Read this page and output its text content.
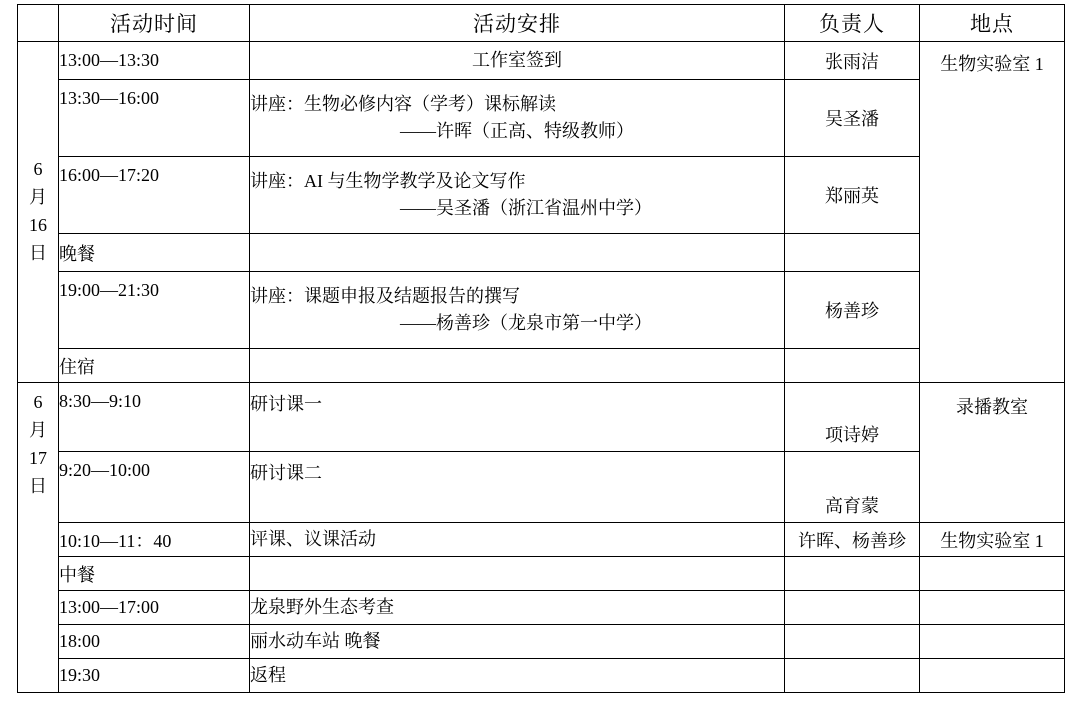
	活动时间	活动安排	负责人	地点

6
月
16
日	13:00—13:30	工作室签到	张雨洁	生物实验室 1
	13:30—16:00	讲座：生物必修内容（学考）课标解读
——许晖（正高、特级教师）	吴圣潘	
	16:00—17:20	讲座：AI 与生物学教学及论文写作
——吴圣潘（浙江省温州中学）	郑丽英	
	晚餐			
	19:00—21:30	讲座：课题申报及结题报告的撰写
——杨善珍（龙泉市第一中学）	杨善珍	
	住宿			

6
月
17
日	8:30—9:10	研讨课一	项诗婷	录播教室
	9:20—10:00	研讨课二	高育蒙	
	10:10—11：40	评课、议课活动	许晖、杨善珍	生物实验室 1
	中餐			
	13:00—17:00	龙泉野外生态考查		
	18:00	丽水动车站 晚餐		
	19:30	返程		
